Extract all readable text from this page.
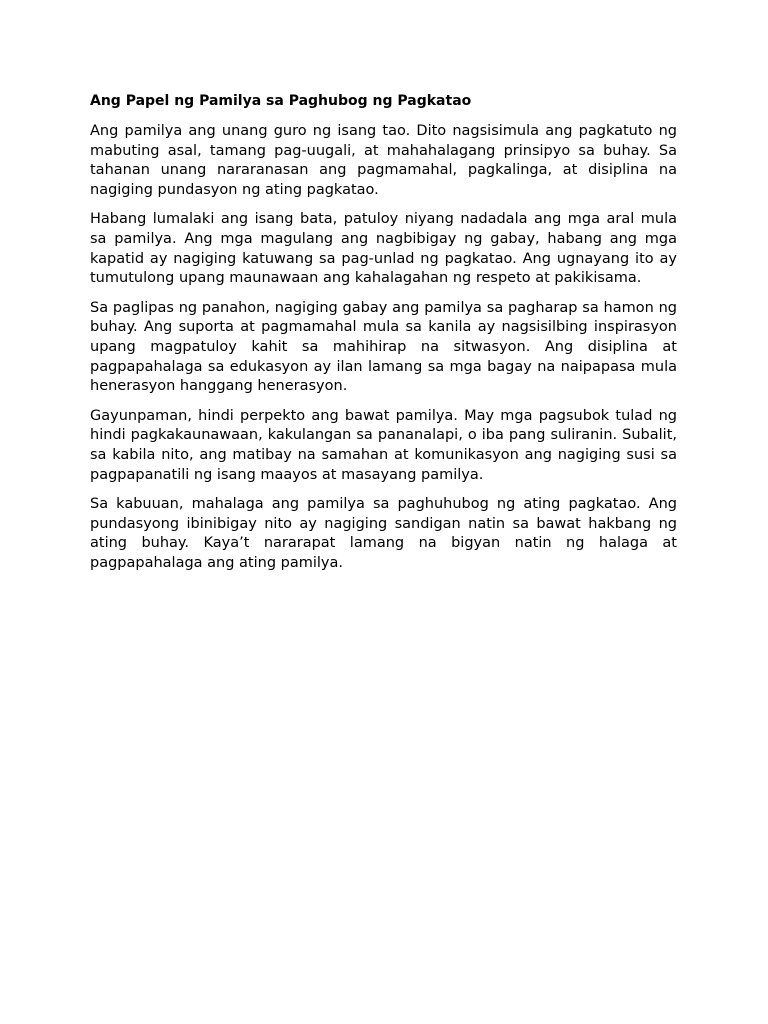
Ang Papel ng Pamilya sa Paghubog ng Pagkatao

Ang pamilya ang unang guro ng isang tao. Dito nagsisimula ang pagkatuto ng mabuting asal, tamang pag-uugali, at mahahalagang prinsipyo sa buhay. Sa tahanan unang nararanasan ang pagmamahal, pagkalinga, at disiplina na nagiging pundasyon ng ating pagkatao.

Habang lumalaki ang isang bata, patuloy niyang nadadala ang mga aral mula sa pamilya. Ang mga magulang ang nagbibigay ng gabay, habang ang mga kapatid ay nagiging katuwang sa pag-unlad ng pagkatao. Ang ugnayang ito ay tumutulong upang maunawaan ang kahalagahan ng respeto at pakikisama.

Sa paglipas ng panahon, nagiging gabay ang pamilya sa pagharap sa hamon ng buhay. Ang suporta at pagmamahal mula sa kanila ay nagsisilbing inspirasyon upang magpatuloy kahit sa mahihirap na sitwasyon. Ang disiplina at pagpapahalaga sa edukasyon ay ilan lamang sa mga bagay na naipapasa mula henerasyon hanggang henerasyon.

Gayunpaman, hindi perpekto ang bawat pamilya. May mga pagsubok tulad ng hindi pagkakaunawaan, kakulangan sa pananalapi, o iba pang suliranin. Subalit, sa kabila nito, ang matibay na samahan at komunikasyon ang nagiging susi sa pagpapanatili ng isang maayos at masayang pamilya.

Sa kabuuan, mahalaga ang pamilya sa paghuhubog ng ating pagkatao. Ang pundasyong ibinibigay nito ay nagiging sandigan natin sa bawat hakbang ng ating buhay. Kaya’t nararapat lamang na bigyan natin ng halaga at pagpapahalaga ang ating pamilya.
